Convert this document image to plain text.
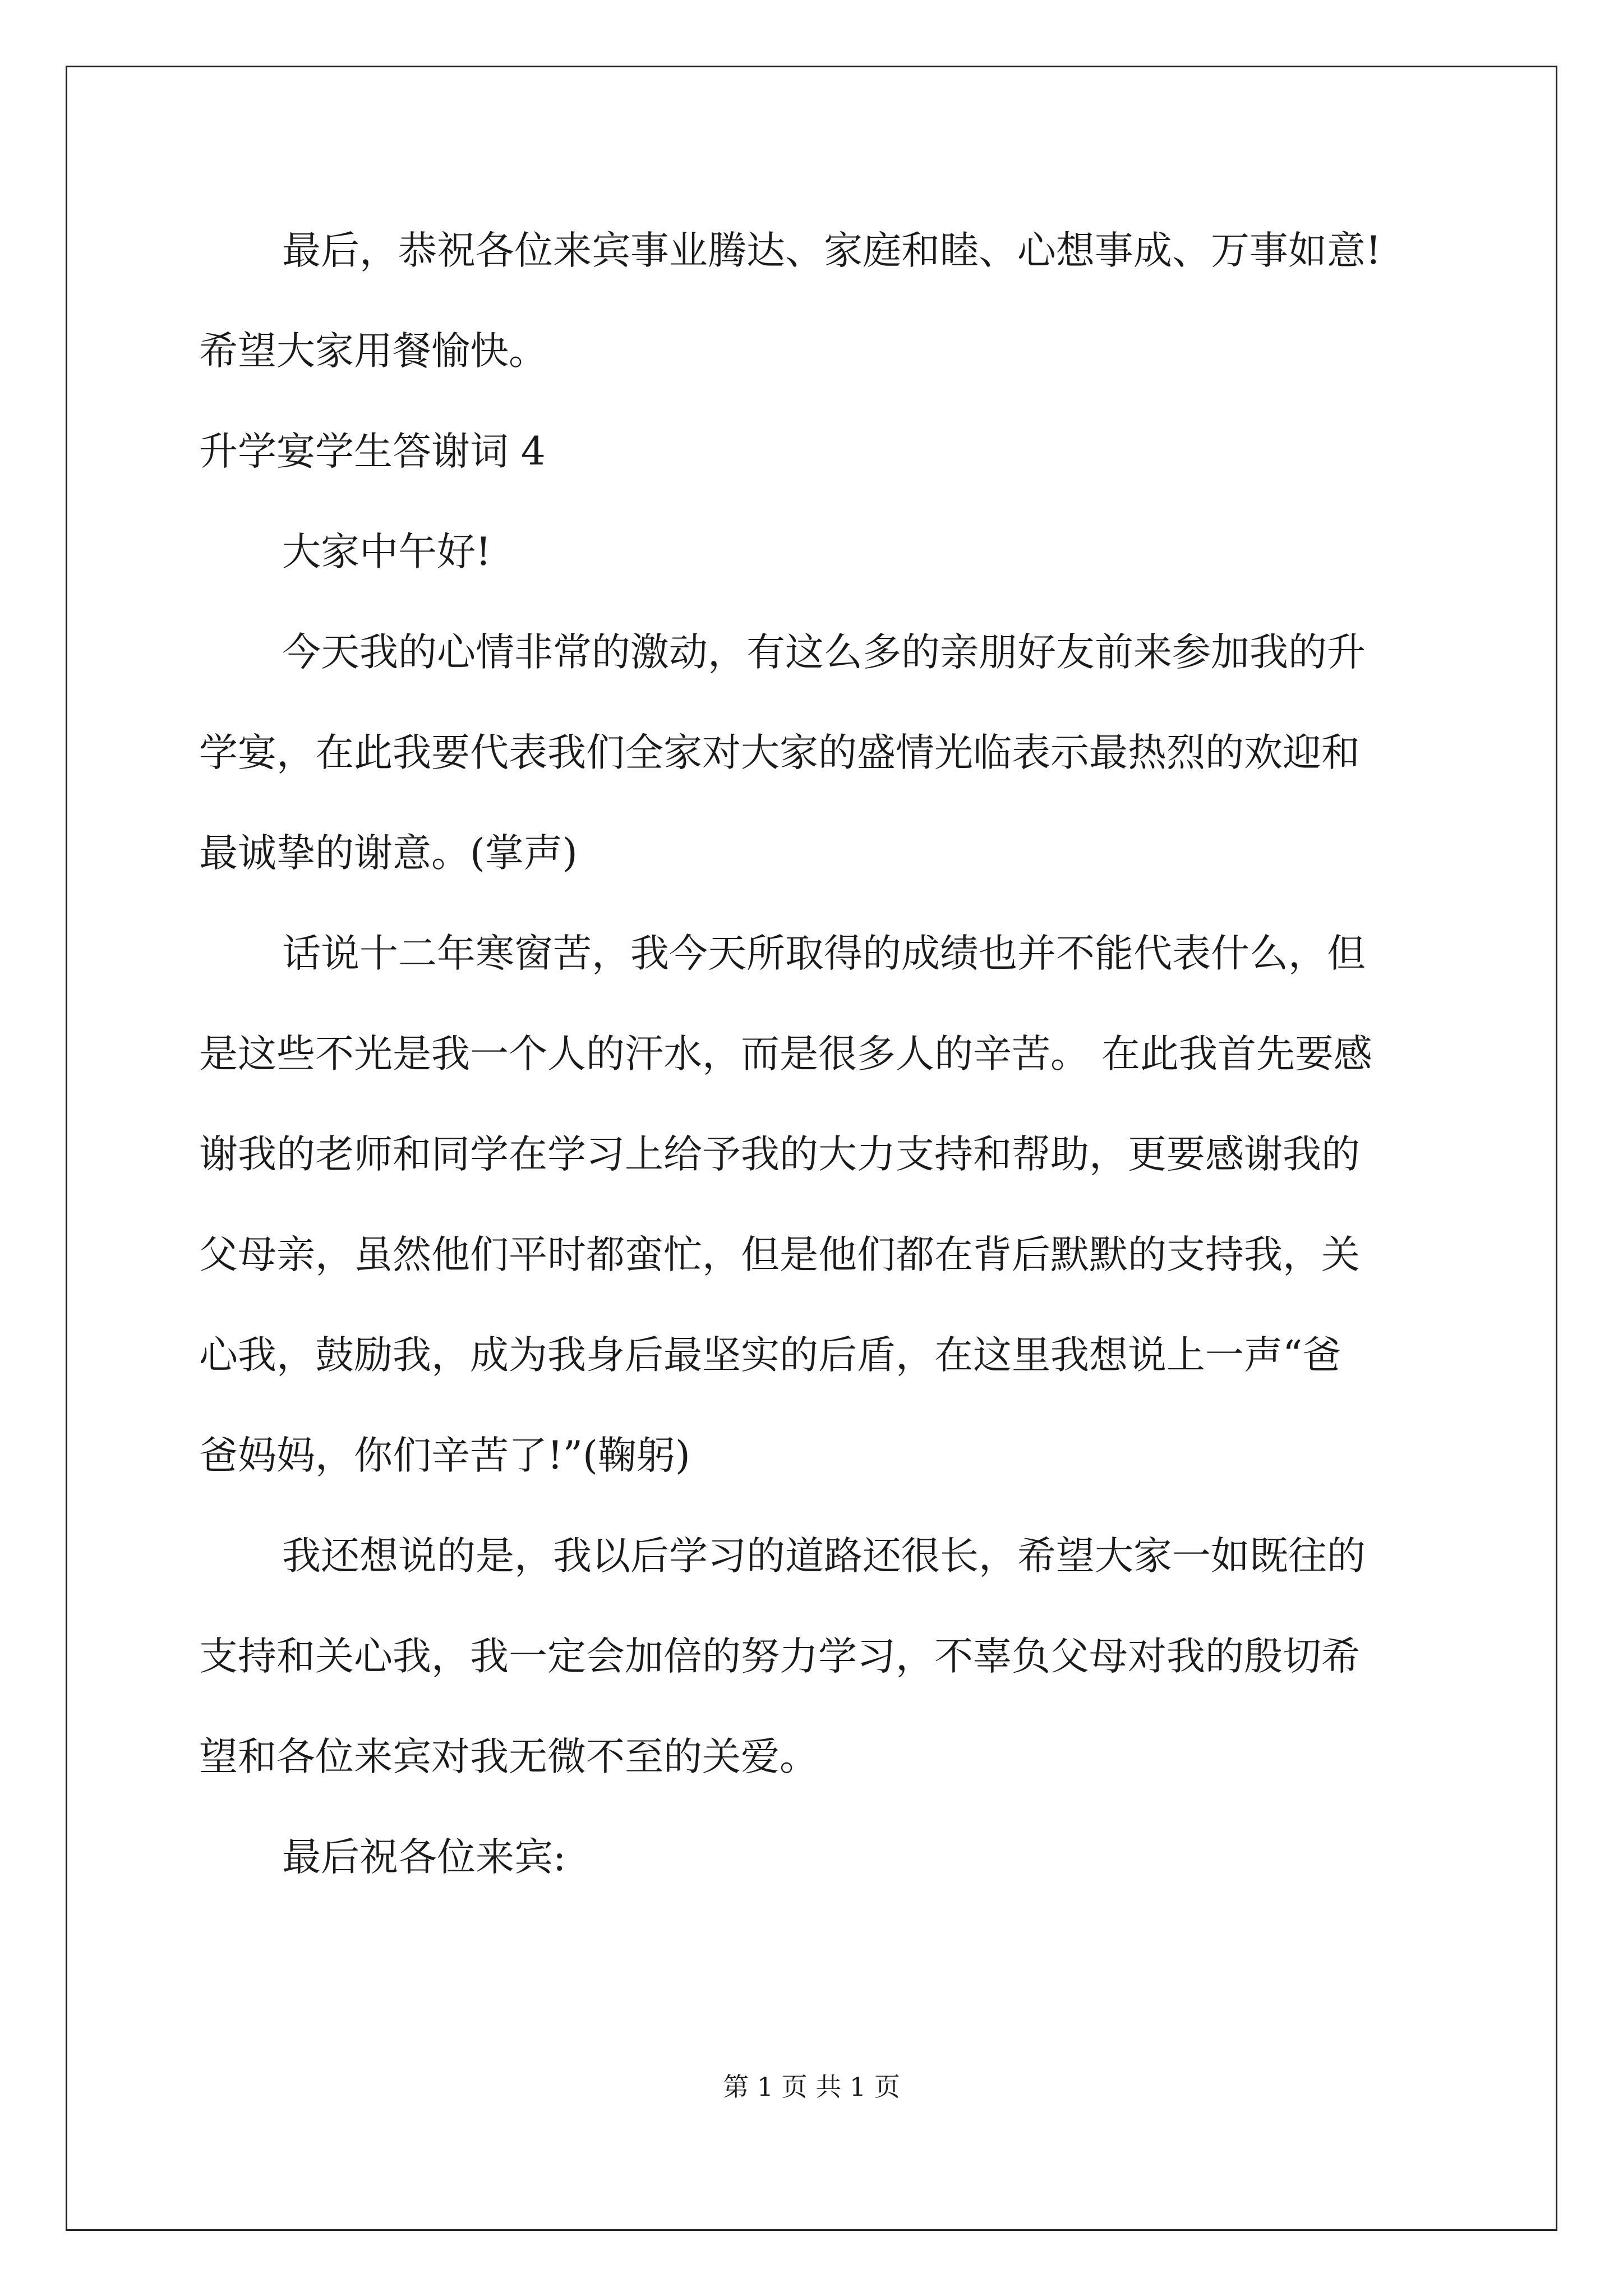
最后，恭祝各位来宾事业腾达、家庭和睦、心想事成、万事如意!
希望大家用餐愉快。
升学宴学生答谢词 4
大家中午好!
今天我的心情非常的激动，有这么多的亲朋好友前来参加我的升
学宴，在此我要代表我们全家对大家的盛情光临表示最热烈的欢迎和
最诚挚的谢意。(掌声)
话说十二年寒窗苦，我今天所取得的成绩也并不能代表什么，但
是这些不光是我一个人的汗水，而是很多人的辛苦。 在此我首先要感
谢我的老师和同学在学习上给予我的大力支持和帮助，更要感谢我的
父母亲，虽然他们平时都蛮忙，但是他们都在背后默默的支持我，关
心我，鼓励我，成为我身后最坚实的后盾，在这里我想说上一声“爸
爸妈妈，你们辛苦了!”(鞠躬)
我还想说的是，我以后学习的道路还很长，希望大家一如既往的
支持和关心我，我一定会加倍的努力学习，不辜负父母对我的殷切希
望和各位来宾对我无微不至的关爱。
最后祝各位来宾:
第 1 页 共 1 页
